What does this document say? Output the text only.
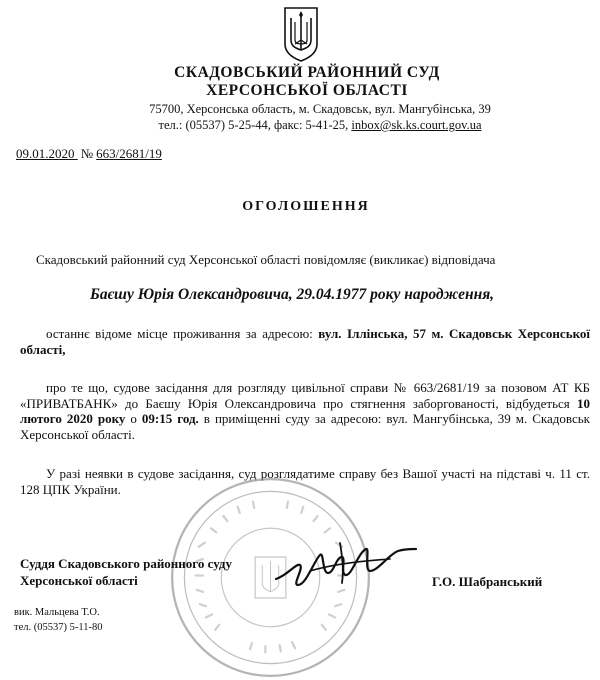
СКАДОВСЬКИЙ РАЙОННИЙ СУД
ХЕРСОНСЬКОЇ ОБЛАСТІ
75700, Херсонська область, м. Скадовськ, вул. Мангубінська, 39
тел.: (05537) 5-25-44, факс: 5-41-25, inbox@sk.ks.court.gov.ua
09.01.2020 № 663/2681/19
ОГОЛОШЕННЯ
Скадовський районний суд Херсонської області повідомляє (викликає) відповідача
Баєшу Юрія Олександровича, 29.04.1977 року народження,
останнє відоме місце проживання за адресою: вул. Іллінська, 57 м. Скадовськ Херсонської області,
про те що, судове засідання для розгляду цивільної справи № 663/2681/19 за позовом АТ КБ «ПРИВАТБАНК» до Баєшу Юрія Олександровича про стягнення заборгованості, відбудеться 10 лютого 2020 року о 09:15 год. в приміщенні суду за адресою: вул. Мангубінська, 39 м. Скадовськ Херсонської області.
У разі неявки в судове засідання, суд розглядатиме справу без Вашої участі на підставі ч. 11 ст. 128 ЦПК України.
Суддя Скадовського районного суду
Херсонської області	Г.О. Шабранський
вик. Мальцева Т.О.
тел. (05537) 5-11-80
